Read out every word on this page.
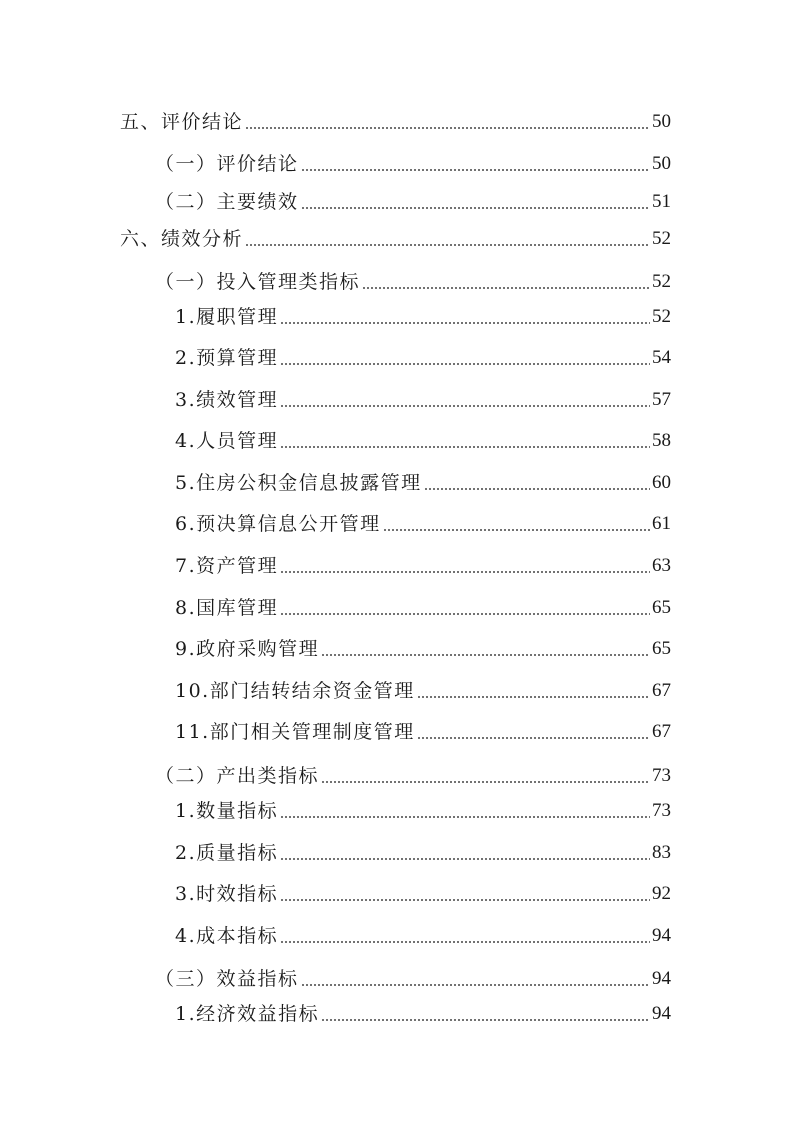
五、评价结论	50
（一）评价结论	50
（二）主要绩效	51
六、绩效分析	52
（一）投入管理类指标	52
1.履职管理	52
2.预算管理	54
3.绩效管理	57
4.人员管理	58
5.住房公积金信息披露管理	60
6.预决算信息公开管理	61
7.资产管理	63
8.国库管理	65
9.政府采购管理	65
10.部门结转结余资金管理	67
11.部门相关管理制度管理	67
（二）产出类指标	73
1.数量指标	73
2.质量指标	83
3.时效指标	92
4.成本指标	94
（三）效益指标	94
1.经济效益指标	94
